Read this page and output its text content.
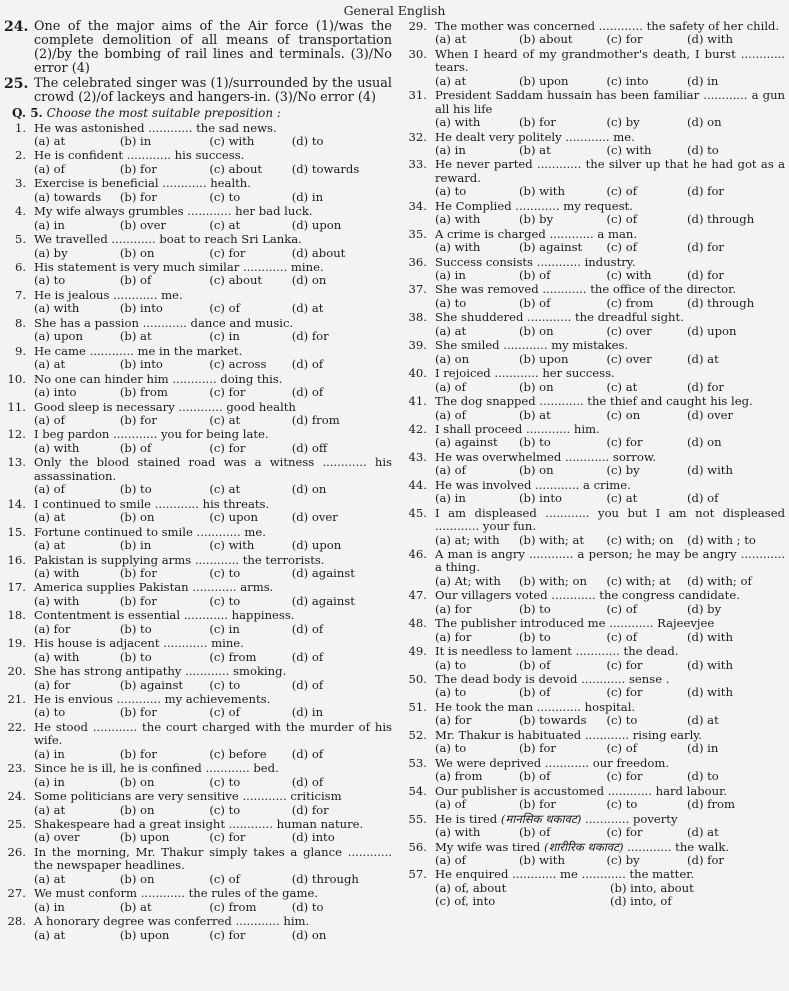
General English
24. One of the major aims of the Air force (1)/was the complete demolition of all means of transportation (2)/by the bombing of rail lines and terminals. (3)/No error (4)
25. The celebrated singer was (1)/surrounded by the usual crowd (2)/of lackeys and hangers-in. (3)/No error (4)
Q. 5. Choose the most suitable preposition :
1. He was astonished ............ the sad news.
(a) at	(b) in	(c) with	(d) to
2. He is confident ............ his success.
(a) of	(b) for	(c) about	(d) towards
3. Exercise is beneficial ............ health.
(a) towards	(b) for	(c) to	(d) in
4. My wife always grumbles ............ her bad luck.
(a) in	(b) over	(c) at	(d) upon
5. We travelled ............ boat to reach Sri Lanka.
(a) by	(b) on	(c) for	(d) about
6. His statement is very much similar ............ mine.
(a) to	(b) of	(c) about	(d) on
7. He is jealous ............ me.
(a) with	(b) into	(c) of	(d) at
8. She has a passion ............ dance and music.
(a) upon	(b) at	(c) in	(d) for
9. He came ............ me in the market.
(a) at	(b) into	(c) across	(d) of
10. No one can hinder him ............ doing this.
(a) into	(b) from	(c) for	(d) of
11. Good sleep is necessary ............ good health
(a) of	(b) for	(c) at	(d) from
12. I beg pardon ............ you for being late.
(a) with	(b) of	(c) for	(d) off
13. Only the blood stained road was a witness ............ his assassination.
(a) of	(b) to	(c) at	(d) on
14. I continued to smile ............ his threats.
(a) at	(b) on	(c) upon	(d) over
15. Fortune continued to smile ............ me.
(a) at	(b) in	(c) with	(d) upon
16. Pakistan is supplying arms ............ the terrorists.
(a) with	(b) for	(c) to	(d) against
17. America supplies Pakistan ............ arms.
(a) with	(b) for	(c) to	(d) against
18. Contentment is essential ............ happiness.
(a) for	(b) to	(c) in	(d) of
19. His house is adjacent ............ mine.
(a) with	(b) to	(c) from	(d) of
20. She has strong antipathy ............ smoking.
(a) for	(b) against	(c) to	(d) of
21. He is envious ............ my achievements.
(a) to	(b) for	(c) of	(d) in
22. He stood ............ the court charged with the murder of his wife.
(a) in	(b) for	(c) before	(d) of
23. Since he is ill, he is confined ............ bed.
(a) in	(b) on	(c) to	(d) of
24. Some politicians are very sensitive ............ criticism
(a) at	(b) on	(c) to	(d) for
25. Shakespeare had a great insight ............ human nature.
(a) over	(b) upon	(c) for	(d) into
26. In the morning, Mr. Thakur simply takes a glance ............ the newspaper headlines.
(a) at	(b) on	(c) of	(d) through
27. We must conform ............ the rules of the game.
(a) in	(b) at	(c) from	(d) to
28. A honorary degree was conferred ............ him.
(a) at	(b) upon	(c) for	(d) on
29. The mother was concerned ............ the safety of her child.
(a) at	(b) about	(c) for	(d) with
30. When I heard of my grandmother's death, I burst ............ tears.
(a) at	(b) upon	(c) into	(d) in
31. President Saddam hussain has been familiar ............ a gun all his life
(a) with	(b) for	(c) by	(d) on
32. He dealt very politely ............ me.
(a) in	(b) at	(c) with	(d) to
33. He never parted ............ the silver up that he had got as a reward.
(a) to	(b) with	(c) of	(d) for
34. He Complied ............ my request.
(a) with	(b) by	(c) of	(d) through
35. A crime is charged ............ a man.
(a) with	(b) against	(c) of	(d) for
36. Success consists ............ industry.
(a) in	(b) of	(c) with	(d) for
37. She was removed ............ the office of the director.
(a) to	(b) of	(c) from	(d) through
38. She shuddered ............ the dreadful sight.
(a) at	(b) on	(c) over	(d) upon
39. She smiled ............ my mistakes.
(a) on	(b) upon	(c) over	(d) at
40. I rejoiced ............ her success.
(a) of	(b) on	(c) at	(d) for
41. The dog snapped ............ the thief and caught his leg.
(a) of	(b) at	(c) on	(d) over
42. I shall proceed ............ him.
(a) against	(b) to	(c) for	(d) on
43. He was overwhelmed ............ sorrow.
(a) of	(b) on	(c) by	(d) with
44. He was involved ............ a crime.
(a) in	(b) into	(c) at	(d) of
45. I am displeased ............ you but I am not displeased ............ your fun.
(a) at; with	(b) with; at	(c) with; on	(d) with ; to
46. A man is angry ............ a person; he may be angry ............ a thing.
(a) At; with	(b) with; on	(c) with; at	(d) with; of
47. Our villagers voted ............ the congress candidate.
(a) for	(b) to	(c) of	(d) by
48. The publisher introduced me ............ Rajeevjee
(a) for	(b) to	(c) of	(d) with
49. It is needless to lament ............ the dead.
(a) to	(b) of	(c) for	(d) with
50. The dead body is devoid ............ sense .
(a) to	(b) of	(c) for	(d) with
51. He took the man ............ hospital.
(a) for	(b) towards	(c) to	(d) at
52. Mr. Thakur is habituated ............ rising early.
(a) to	(b) for	(c) of	(d) in
53. We were deprived ............ our freedom.
(a) from	(b) of	(c) for	(d) to
54. Our publisher is accustomed ............ hard labour.
(a) of	(b) for	(c) to	(d) from
55. He is tired (मानसिक थकावट) ............ poverty
(a) with	(b) of	(c) for	(d) at
56. My wife was tired (शारीरिक थकावट) ............ the walk.
(a) of	(b) with	(c) by	(d) for
57. He enquired ............ me ............ the matter.
(a) of, about	(b) into, about
(c) of, into	(d) into, of
